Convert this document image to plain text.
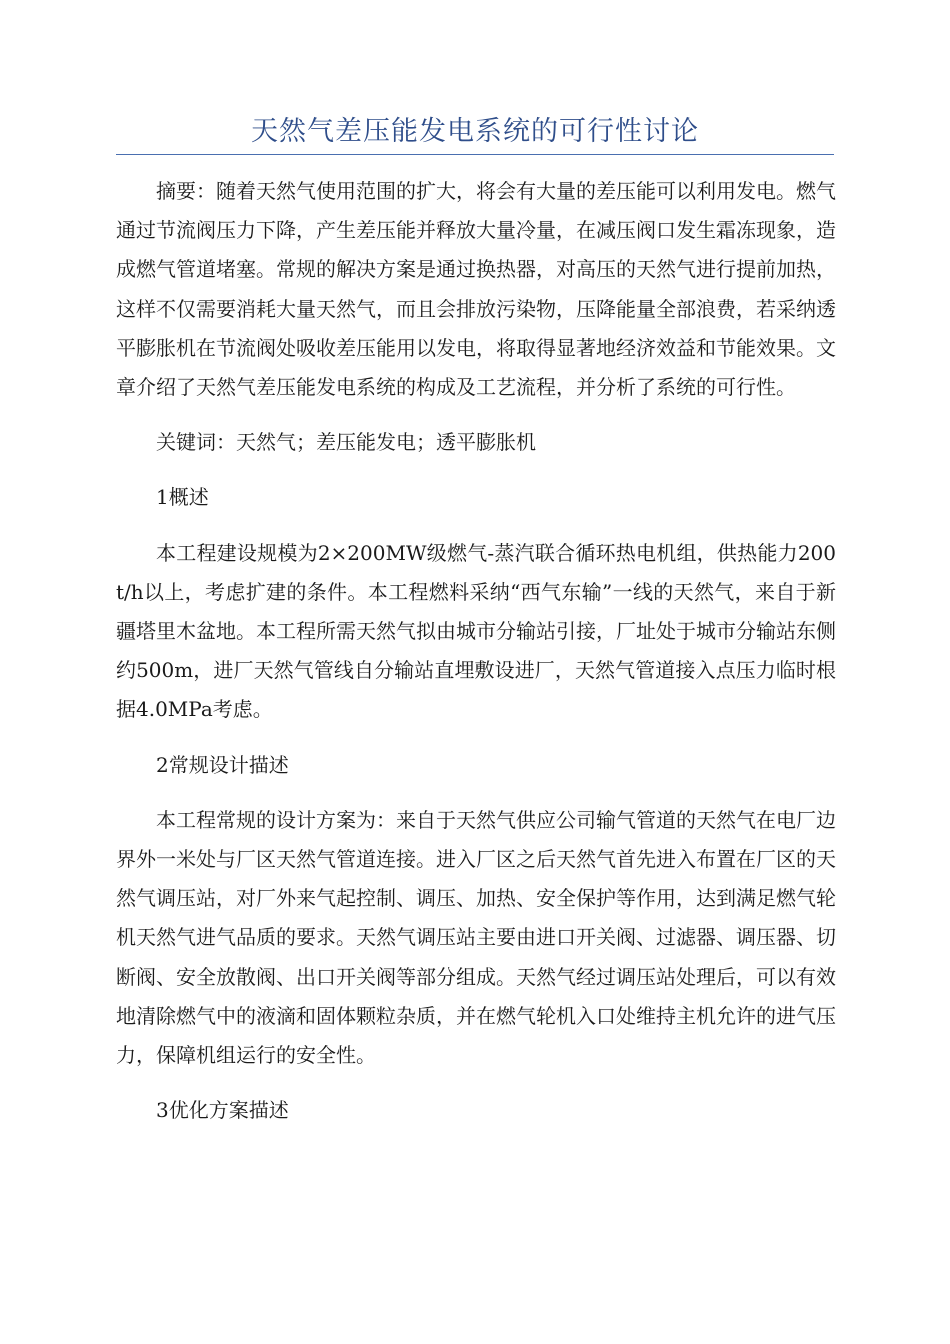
天然气差压能发电系统的可行性讨论

摘要：随着天然气使用范围的扩大，将会有大量的差压能可以利用发电。燃气通过节流阀压力下降，产生差压能并释放大量冷量，在减压阀口发生霜冻现象，造成燃气管道堵塞。常规的解决方案是通过换热器，对高压的天然气进行提前加热，这样不仅需要消耗大量天然气，而且会排放污染物，压降能量全部浪费，若采纳透平膨胀机在节流阀处吸收差压能用以发电，将取得显著地经济效益和节能效果。文章介绍了天然气差压能发电系统的构成及工艺流程，并分析了系统的可行性。

关键词：天然气；差压能发电；透平膨胀机

1概述

本工程建设规模为2×200MW级燃气-蒸汽联合循环热电机组，供热能力200t/h以上，考虑扩建的条件。本工程燃料采纳“西气东输”一线的天然气，来自于新疆塔里木盆地。本工程所需天然气拟由城市分输站引接，厂址处于城市分输站东侧约500m，进厂天然气管线自分输站直埋敷设进厂，天然气管道接入点压力临时根据4.0MPa考虑。

2常规设计描述

本工程常规的设计方案为：来自于天然气供应公司输气管道的天然气在电厂边界外一米处与厂区天然气管道连接。进入厂区之后天然气首先进入布置在厂区的天然气调压站，对厂外来气起控制、调压、加热、安全保护等作用，达到满足燃气轮机天然气进气品质的要求。天然气调压站主要由进口开关阀、过滤器、调压器、切断阀、安全放散阀、出口开关阀等部分组成。天然气经过调压站处理后，可以有效地清除燃气中的液滴和固体颗粒杂质，并在燃气轮机入口处维持主机允许的进气压力，保障机组运行的安全性。

3优化方案描述
